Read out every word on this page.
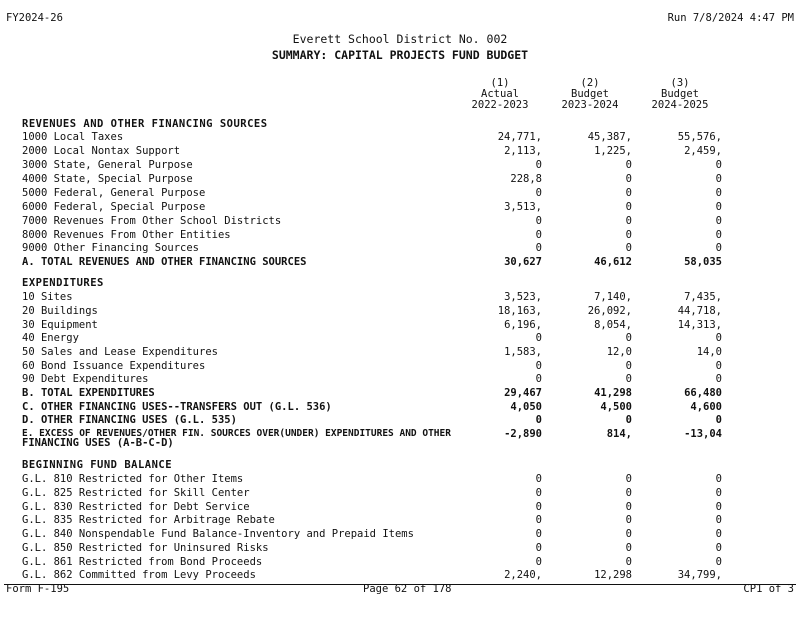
FY2024-26	Run 7/8/2024 4:47 PM
Everett School District No. 002
SUMMARY: CAPITAL PROJECTS FUND BUDGET
(1)
Actual
2022-2023
(2)
Budget
2023-2024
(3)
Budget
2024-2025
REVENUES AND OTHER FINANCING SOURCES
1000 Local Taxes	24,771,	45,387,	55,576,
2000 Local Nontax Support	2,113,	1,225,	2,459,
3000 State, General Purpose	0	0	0
4000 State, Special Purpose	228,8	0	0
5000 Federal, General Purpose	0	0	0
6000 Federal, Special Purpose	3,513,	0	0
7000 Revenues From Other School Districts	0	0	0
8000 Revenues From Other Entities	0	0	0
9000 Other Financing Sources	0	0	0
A. TOTAL REVENUES AND OTHER FINANCING SOURCES	30,627	46,612	58,035
EXPENDITURES
10 Sites	3,523,	7,140,	7,435,
20 Buildings	18,163,	26,092,	44,718,
30 Equipment	6,196,	8,054,	14,313,
40 Energy	0	0	0
50 Sales and Lease Expenditures	1,583,	12,0	14,0
60 Bond Issuance Expenditures	0	0	0
90 Debt Expenditures	0	0	0
B. TOTAL EXPENDITURES	29,467	41,298	66,480
C. OTHER FINANCING USES--TRANSFERS OUT (G.L. 536)	4,050	4,500	4,600
D. OTHER FINANCING USES (G.L. 535)	0	0	0
E. EXCESS OF REVENUES/OTHER FIN. SOURCES OVER(UNDER) EXPENDITURES AND OTHER
FINANCING USES (A-B-C-D)
-2,890	814,	-13,04
BEGINNING FUND BALANCE
G.L. 810 Restricted for Other Items	0	0	0
G.L. 825 Restricted for Skill Center	0	0	0
G.L. 830 Restricted for Debt Service	0	0	0
G.L. 835 Restricted for Arbitrage Rebate	0	0	0
G.L. 840 Nonspendable Fund Balance-Inventory and Prepaid Items	0	0	0
G.L. 850 Restricted for Uninsured Risks	0	0	0
G.L. 861 Restricted from Bond Proceeds	0	0	0
G.L. 862 Committed from Levy Proceeds	2,240,	12,298	34,799,
Form F-195	Page 62 of 178	CP1 of 3
